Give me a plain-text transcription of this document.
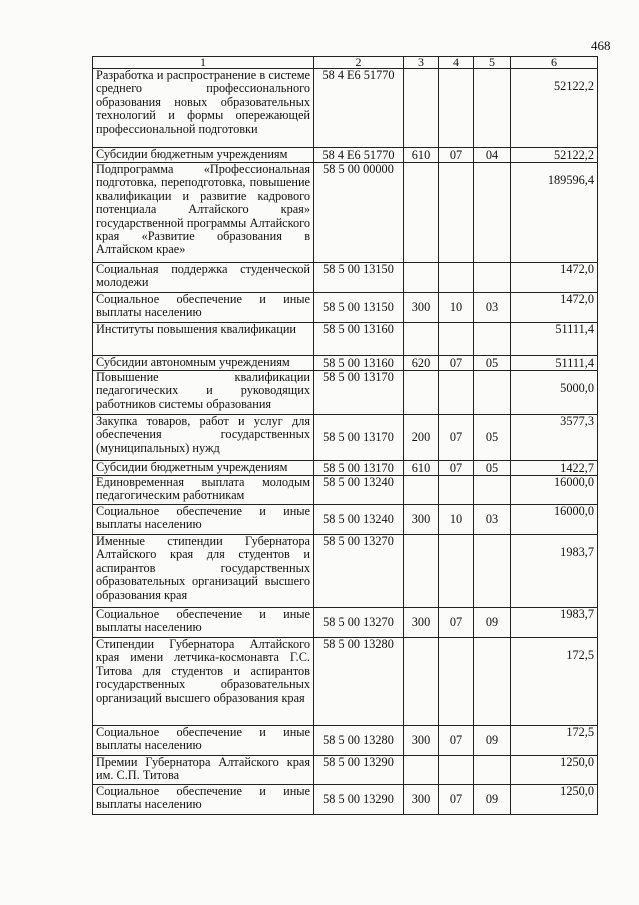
468
1	2	3	4	5	6
Разработка и распространение в системе среднего профессионального образования новых образовательных технологий и формы опережающей профессиональной подготовки	58 4 Е6 51770				52122,2
Субсидии бюджетным учреждениям	58 4 Е6 51770	610	07	04	52122,2
Подпрограмма «Профессиональная подготовка, переподготовка, повышение квалификации и развитие кадрового потенциала Алтайского края» государственной программы Алтайского края «Развитие образования в Алтайском крае»	58 5 00 00000				189596,4
Социальная поддержка студенческой молодежи	58 5 00 13150				1472,0
Социальное обеспечение и иные выплаты населению	58 5 00 13150	300	10	03	1472,0
Институты повышения квалификации	58 5 00 13160				51111,4
Субсидии автономным учреждениям	58 5 00 13160	620	07	05	51111,4
Повышение квалификации педагогических и руководящих работников системы образования	58 5 00 13170				5000,0
Закупка товаров, работ и услуг для обеспечения государственных (муниципальных) нужд	58 5 00 13170	200	07	05	3577,3
Субсидии бюджетным учреждениям	58 5 00 13170	610	07	05	1422,7
Единовременная выплата молодым педагогическим работникам	58 5 00 13240				16000,0
Социальное обеспечение и иные выплаты населению	58 5 00 13240	300	10	03	16000,0
Именные стипендии Губернатора Алтайского края для студентов и аспирантов государственных образовательных организаций высшего образования края	58 5 00 13270				1983,7
Социальное обеспечение и иные выплаты населению	58 5 00 13270	300	07	09	1983,7
Стипендии Губернатора Алтайского края имени летчика-космонавта Г.С. Титова для студентов и аспирантов государственных образовательных организаций высшего образования края	58 5 00 13280				172,5
Социальное обеспечение и иные выплаты населению	58 5 00 13280	300	07	09	172,5
Премии Губернатора Алтайского края им. С.П. Титова	58 5 00 13290				1250,0
Социальное обеспечение и иные выплаты населению	58 5 00 13290	300	07	09	1250,0
